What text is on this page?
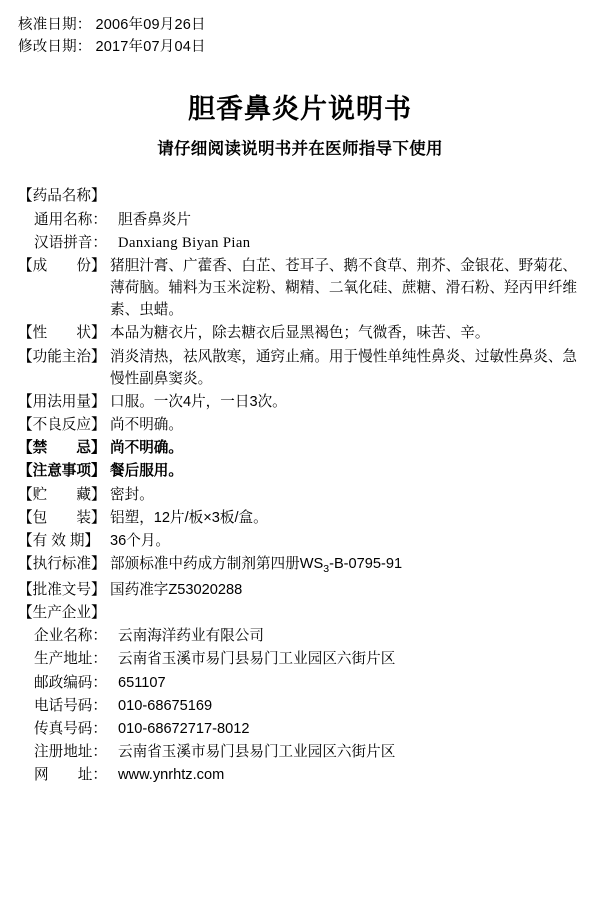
核准日期： 2006年09月26日
修改日期： 2017年07月04日
胆香鼻炎片说明书
请仔细阅读说明书并在医师指导下使用
【药品名称】
通用名称： 胆香鼻炎片
汉语拼音： Danxiang Biyan Pian
【成　　份】 猪胆汁膏、广藿香、白芷、苍耳子、鹅不食草、荆芥、金银花、野菊花、薄荷脑。辅料为玉米淀粉、糊精、二氧化硅、蔗糖、滑石粉、羟丙甲纤维素、虫蜡。
【性　　状】 本品为糖衣片，除去糖衣后显黑褐色；气微香，味苦、辛。
【功能主治】 消炎清热，祛风散寒，通窍止痛。用于慢性单纯性鼻炎、过敏性鼻炎、急慢性副鼻窦炎。
【用法用量】 口服。一次4片，一日3次。
【不良反应】 尚不明确。
【禁　　忌】 尚不明确。
【注意事项】 餐后服用。
【贮　　藏】 密封。
【包　　装】 铝塑，12片/板×3板/盒。
【有 效 期】 36个月。
【执行标准】 部颁标准中药成方制剂第四册$WS_3-B-0795-91$
【批准文号】 国药准字Z53020288
【生产企业】
企业名称： 云南海洋药业有限公司
生产地址： 云南省玉溪市易门县易门工业园区六街片区
邮政编码： 651107
电话号码： 010-68675169
传真号码： 010-68672717-8012
注册地址： 云南省玉溪市易门县易门工业园区六街片区
网　　址： www.ynrhtz.com
